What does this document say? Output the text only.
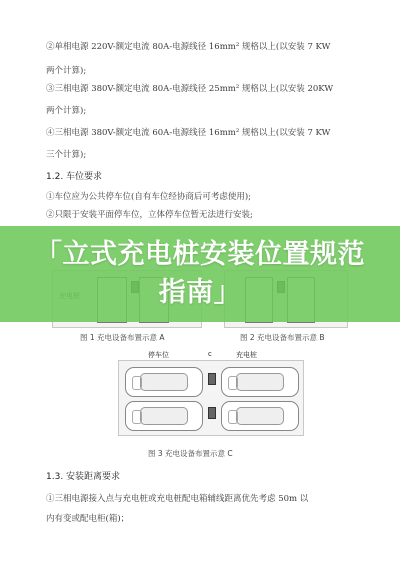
②单相电源 220V-额定电流 80A-电源线径 16mm² 规格以上(以安装 7 KW
两个计算);
③三相电源 380V-额定电流 80A-电源线径 25mm² 规格以上(以安装 20KW
两个计算);
④三相电源 380V-额定电流 60A-电源线径 16mm² 规格以上(以安装 7 KW
三个计算);
1.2. 车位要求
①车位应为公共停车位(自有车位经协商后可考虑使用);
②只限于安装平面停车位，立体停车位暂无法进行安装;
图 1 充电设备布置示意 A	图 2 充电设备布置示意 B
停车位	c	充电桩
图 3 充电设备布置示意 C
1.3. 安装距离要求
①三相电源接入点与充电桩或充电桩配电箱辅线距离优先考虑 50m 以
内有变或配电柜(箱)；
「立式充电桩安装位置规范指南」
